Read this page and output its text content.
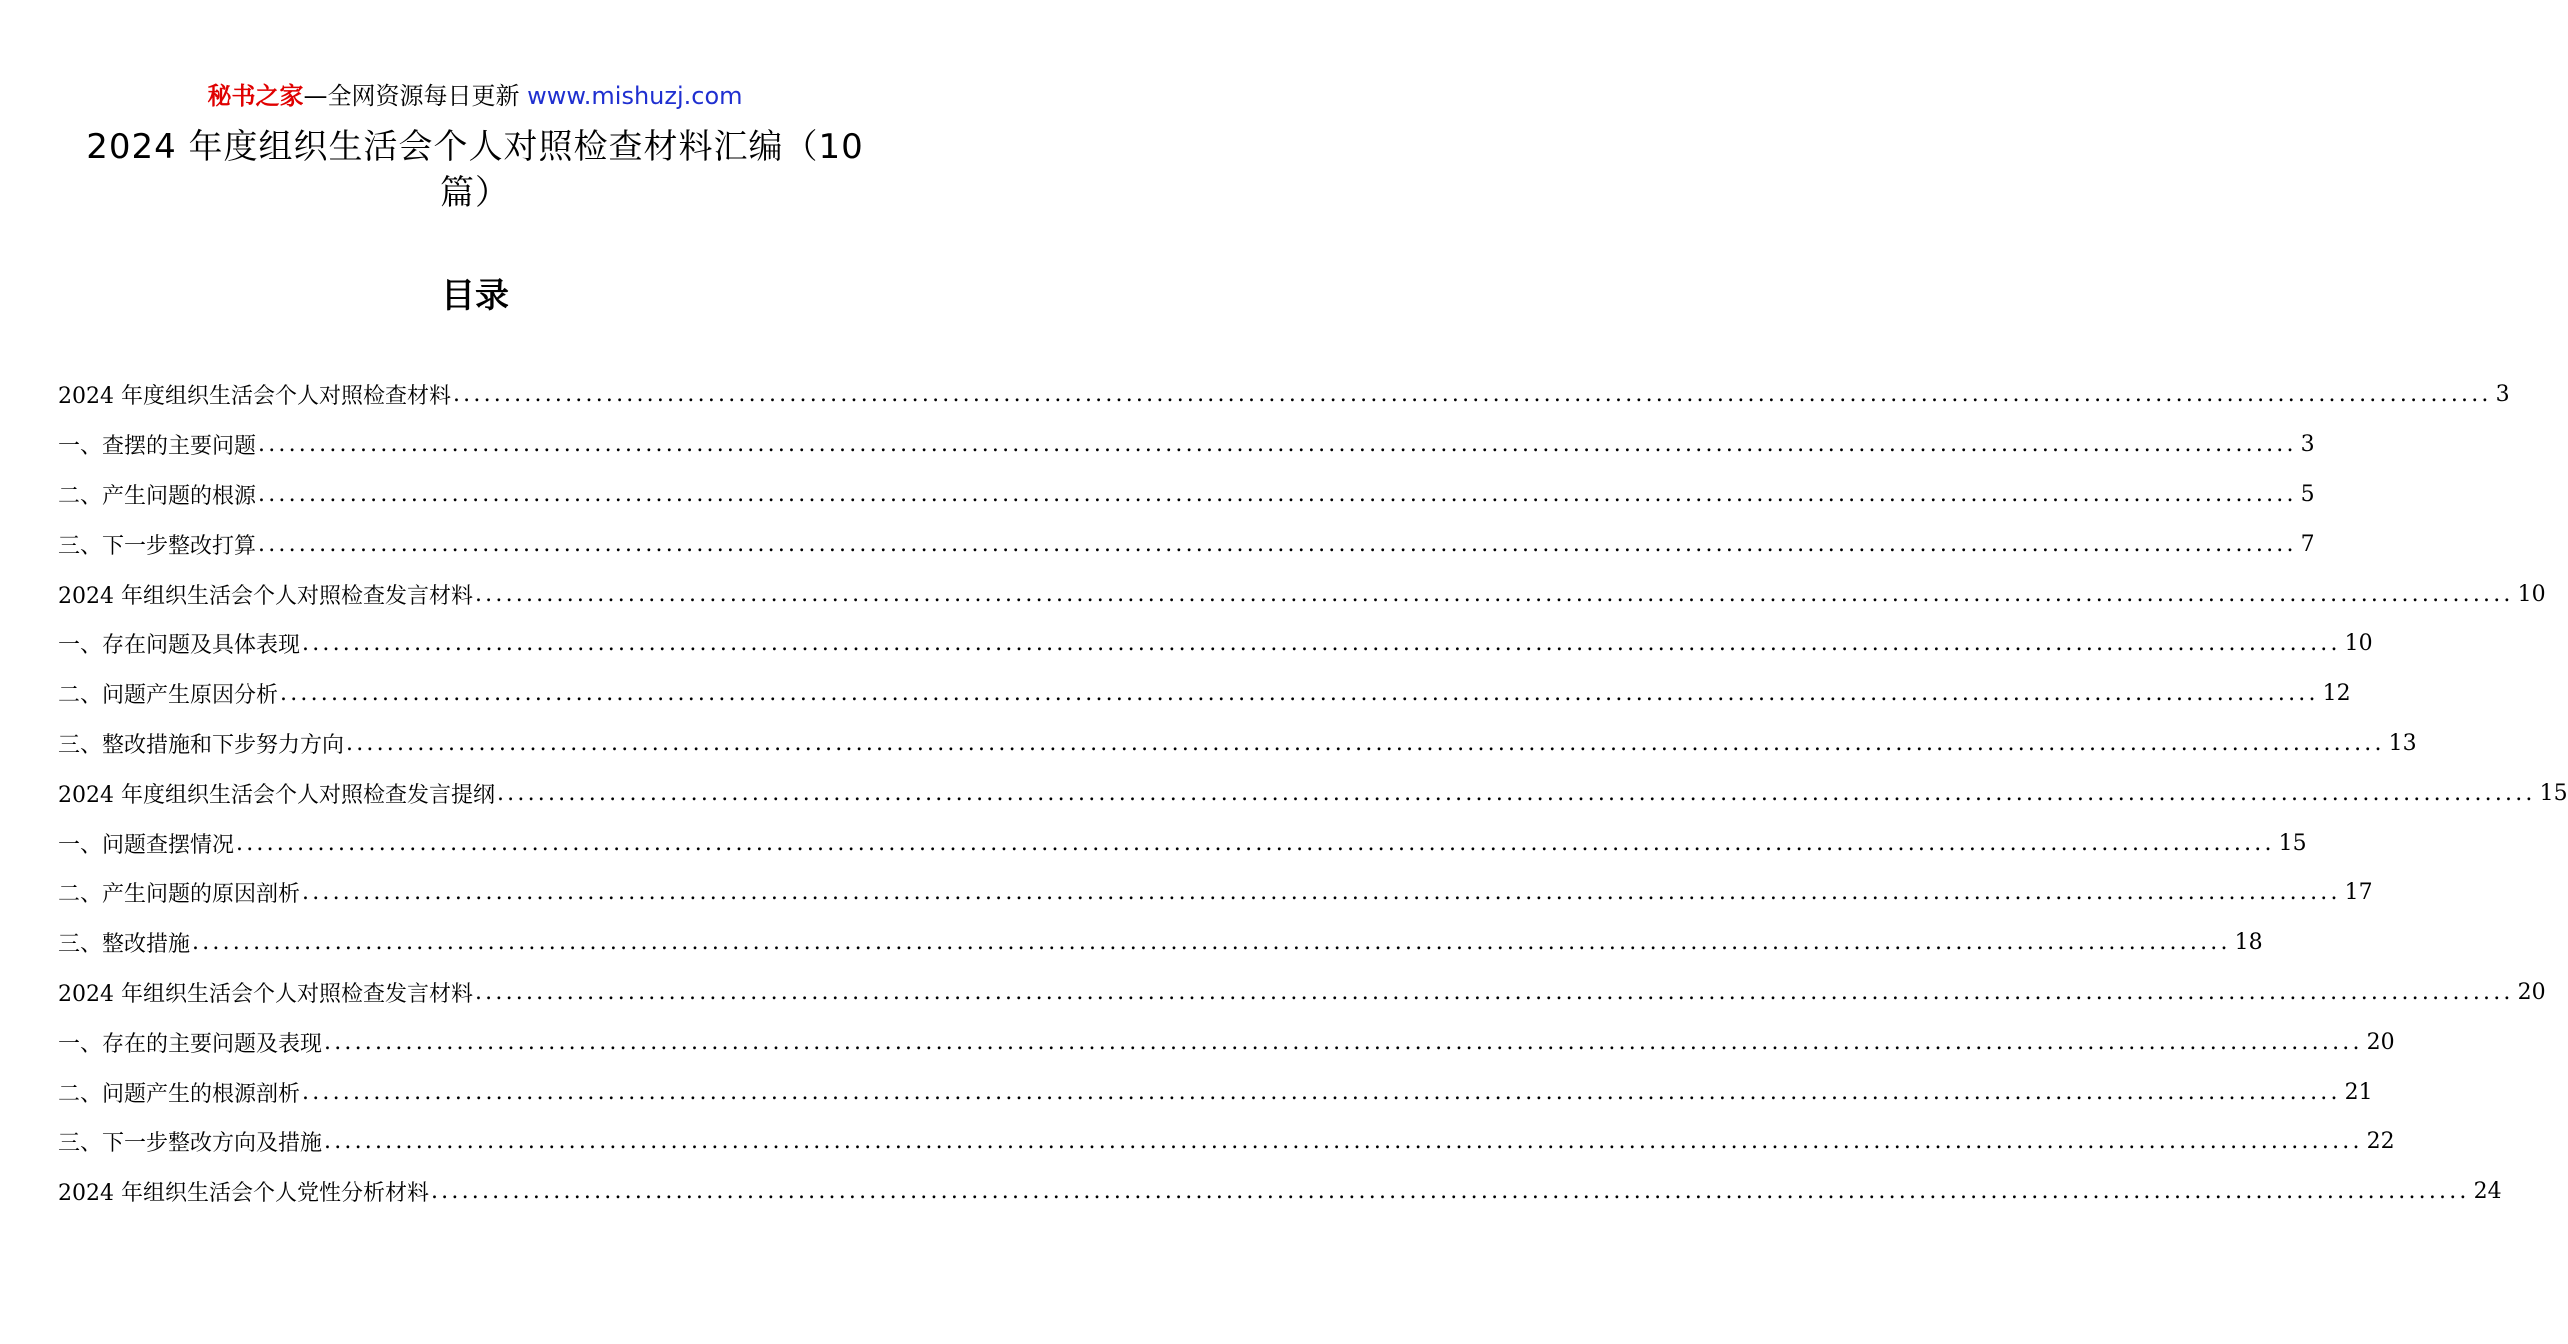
秘书之家—全网资源每日更新 www.mishuzj.com
2024 年度组织生活会个人对照检查材料汇编（10 篇）
目录
2024 年度组织生活会个人对照检查材料 ........................................................................................................................................................................................................ 3
一、查摆的主要问题 ........................................................................................................................................................................................................ 3
二、产生问题的根源 ........................................................................................................................................................................................................ 5
三、下一步整改打算 ........................................................................................................................................................................................................ 7
2024 年组织生活会个人对照检查发言材料 ........................................................................................................................................................................................................ 10
一、存在问题及具体表现 ........................................................................................................................................................................................................ 10
二、问题产生原因分析 ........................................................................................................................................................................................................ 12
三、整改措施和下步努力方向 ........................................................................................................................................................................................................ 13
2024 年度组织生活会个人对照检查发言提纲 ........................................................................................................................................................................................................ 15
一、问题查摆情况 ........................................................................................................................................................................................................ 15
二、产生问题的原因剖析 ........................................................................................................................................................................................................ 17
三、整改措施 ........................................................................................................................................................................................................ 18
2024 年组织生活会个人对照检查发言材料 ........................................................................................................................................................................................................ 20
一、存在的主要问题及表现 ........................................................................................................................................................................................................ 20
二、问题产生的根源剖析 ........................................................................................................................................................................................................ 21
三、下一步整改方向及措施 ........................................................................................................................................................................................................ 22
2024 年组织生活会个人党性分析材料 ........................................................................................................................................................................................................ 24
